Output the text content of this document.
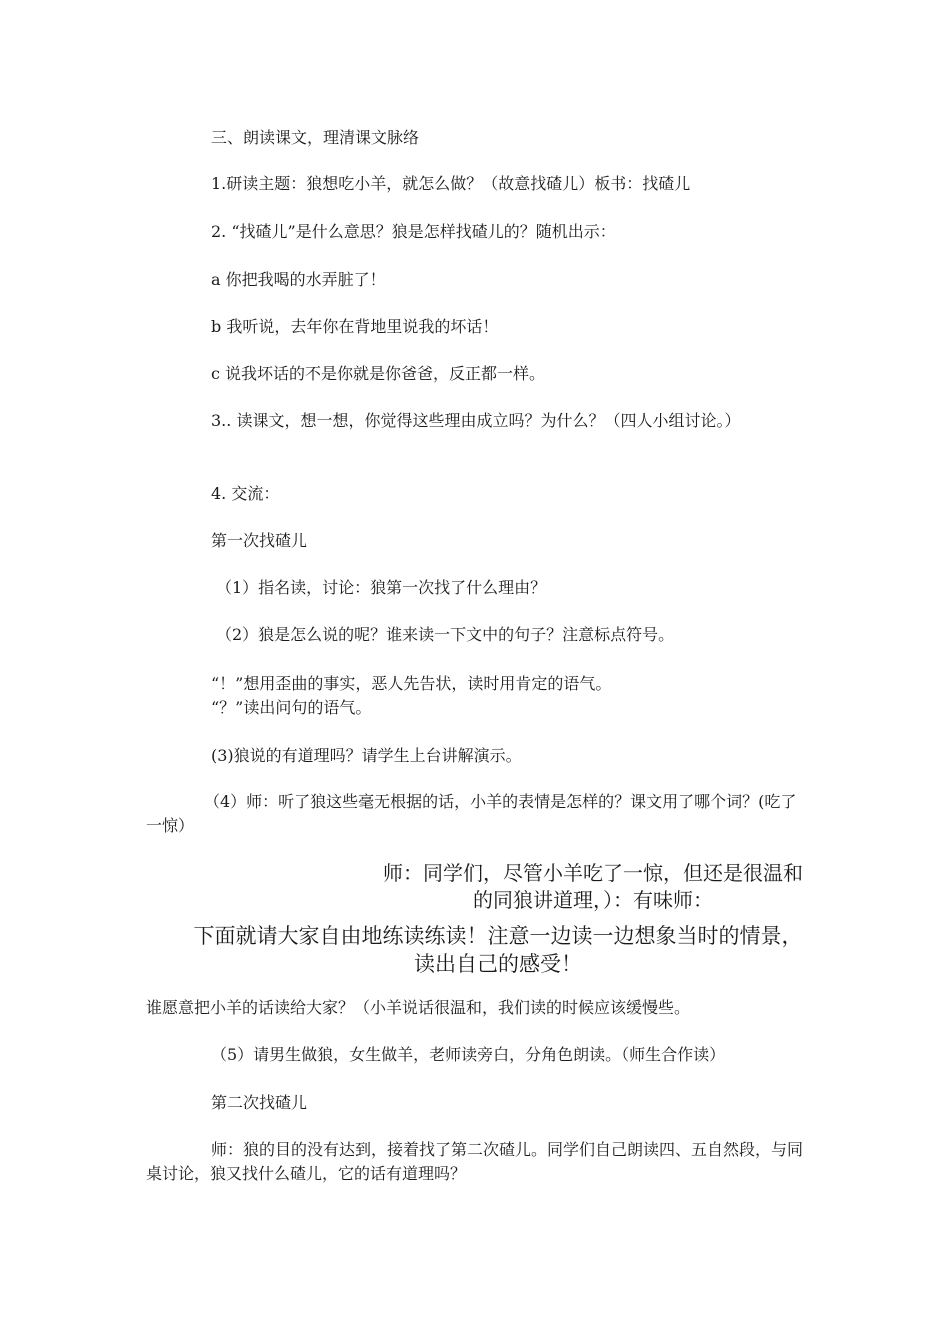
三、朗读课文，理清课文脉络

1.研读主题：狼想吃小羊，就怎么做？（故意找碴儿）板书：找碴儿

2. “找碴儿”是什么意思？狼是怎样找碴儿的？随机出示：

a 你把我喝的水弄脏了！

b 我听说，去年你在背地里说我的坏话！

c 说我坏话的不是你就是你爸爸，反正都一样。

3.. 读课文，想一想，你觉得这些理由成立吗？为什么？（四人小组讨论。）

4. 交流：

第一次找碴儿

（1）指名读，讨论：狼第一次找了什么理由？

（2）狼是怎么说的呢？谁来读一下文中的句子？注意标点符号。

“！”想用歪曲的事实，恶人先告状，读时用肯定的语气。

“？”读出问句的语气。

(3)狼说的有道理吗？请学生上台讲解演示。

（4）师：听了狼这些毫无根据的话，小羊的表情是怎样的？课文用了哪个词？(吃了一惊）

师：同学们，尽管小羊吃了一惊，但还是很温和的同狼讲道理，）：有味师：

下面就请大家自由地练读练读！注意一边读一边想象当时的情景，读出自己的感受！

谁愿意把小羊的话读给大家？（小羊说话很温和，我们读的时候应该缓慢些。

（5）请男生做狼，女生做羊，老师读旁白，分角色朗读。（师生合作读）

第二次找碴儿

师：狼的目的没有达到，接着找了第二次碴儿。同学们自己朗读四、五自然段，与同桌讨论，狼又找什么碴儿，它的话有道理吗？
